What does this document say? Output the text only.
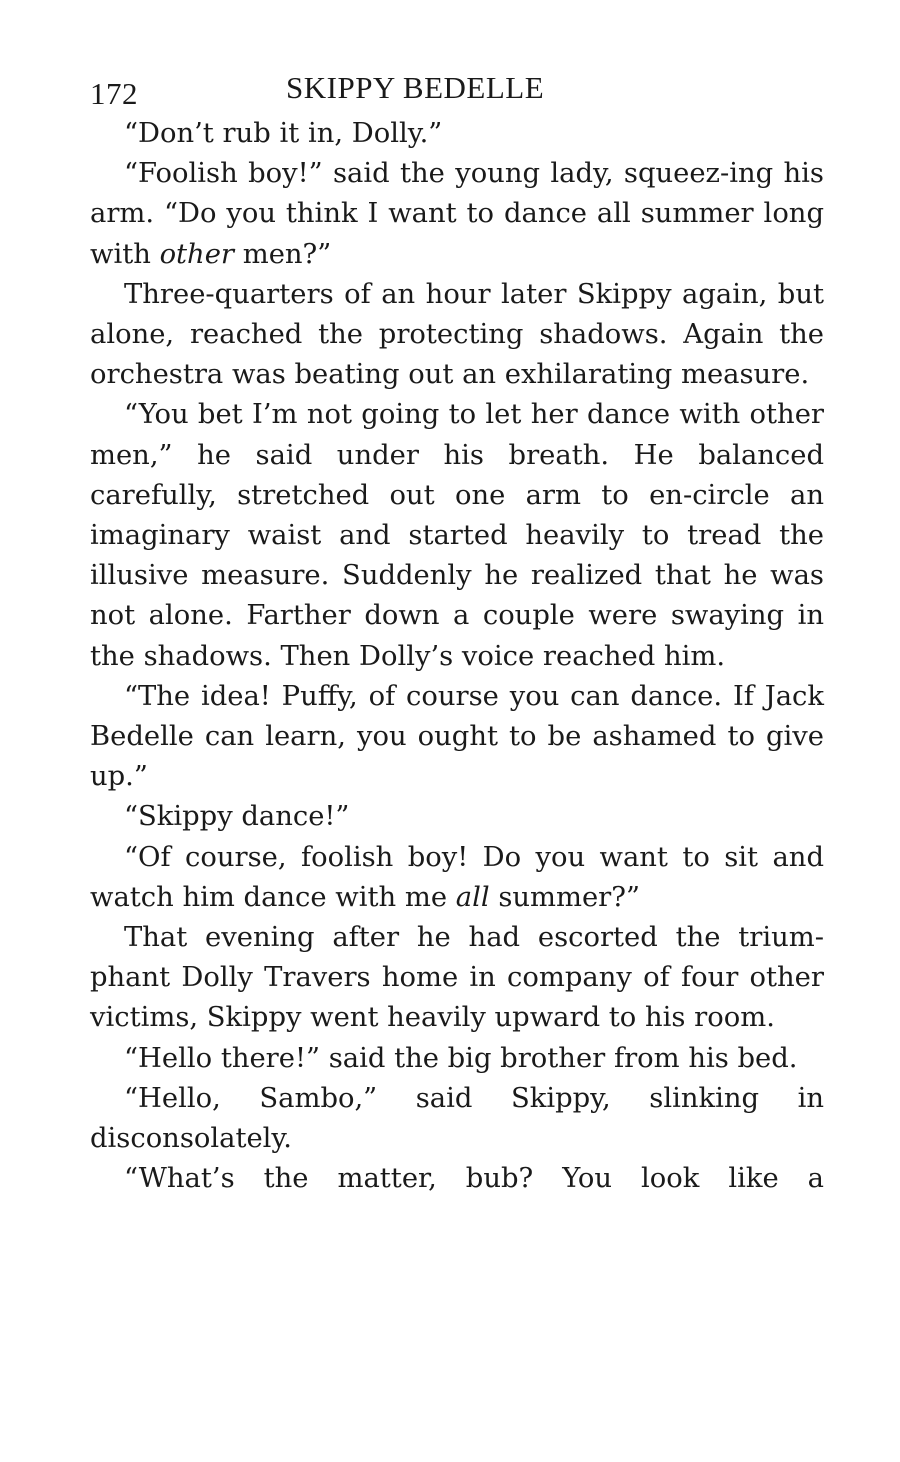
172	SKIPPY BEDELLE

“Don’t rub it in, Dolly.”

“Foolish boy!” said the young lady, squeez-ing his arm. “Do you think I want to dance all summer long with other men?”

Three-quarters of an hour later Skippy again, but alone, reached the protecting shadows. Again the orchestra was beating out an exhilarating measure.

“You bet I’m not going to let her dance with other men,” he said under his breath. He balanced carefully, stretched out one arm to en-circle an imaginary waist and started heavily to tread the illusive measure. Suddenly he realized that he was not alone. Farther down a couple were swaying in the shadows. Then Dolly’s voice reached him.

“The idea! Puffy, of course you can dance. If Jack Bedelle can learn, you ought to be ashamed to give up.”

“Skippy dance!”

“Of course, foolish boy! Do you want to sit and watch him dance with me all summer?”

That evening after he had escorted the trium-phant Dolly Travers home in company of four other victims, Skippy went heavily upward to his room.

“Hello there!” said the big brother from his bed.

“Hello, Sambo,” said Skippy, slinking in disconsolately.

“What’s the matter, bub? You look like a
